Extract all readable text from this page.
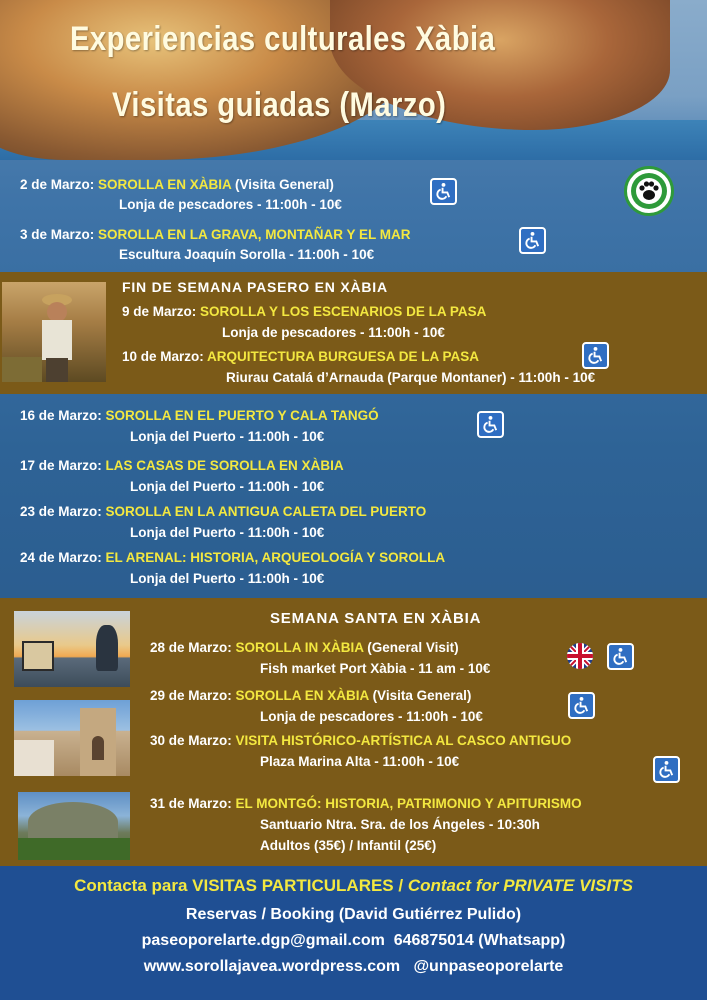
Experiencias culturales Xàbia
Visitas guiadas (Marzo)
2 de Marzo: SOROLLA EN XÀBIA (Visita General)
Lonja de pescadores - 11:00h - 10€
3 de Marzo: SOROLLA EN LA GRAVA, MONTAÑAR Y EL MAR
Escultura Joaquín Sorolla - 11:00h - 10€
FIN DE SEMANA PASERO EN XÀBIA
9 de Marzo: SOROLLA Y LOS ESCENARIOS DE LA PASA
Lonja de pescadores - 11:00h - 10€
10 de Marzo: ARQUITECTURA BURGUESA DE LA PASA
Riurau Catalá d’Arnauda (Parque Montaner) - 11:00h - 10€
16 de Marzo: SOROLLA EN EL PUERTO Y CALA TANGÓ
Lonja del Puerto - 11:00h - 10€
17 de Marzo: LAS CASAS DE SOROLLA EN XÀBIA
Lonja del Puerto - 11:00h - 10€
23 de Marzo: SOROLLA EN LA ANTIGUA CALETA DEL PUERTO
Lonja del Puerto - 11:00h - 10€
24 de Marzo: EL ARENAL: HISTORIA, ARQUEOLOGÍA Y SOROLLA
Lonja del Puerto - 11:00h - 10€
SEMANA SANTA EN XÀBIA
28 de Marzo: SOROLLA IN XÀBIA (General Visit)
Fish market Port Xàbia - 11 am - 10€
29 de Marzo: SOROLLA EN XÀBIA (Visita General)
Lonja de pescadores - 11:00h - 10€
30 de Marzo: VISITA HISTÓRICO-ARTÍSTICA AL CASCO ANTIGUO
Plaza Marina Alta - 11:00h - 10€
31 de Marzo: EL MONTGÓ: HISTORIA, PATRIMONIO Y APITURISMO
Santuario Ntra. Sra. de los Ángeles - 10:30h
Adultos (35€) / Infantil (25€)
Contacta para VISITAS PARTICULARES / Contact for PRIVATE VISITS
Reservas / Booking (David Gutiérrez Pulido)
paseoporelarte.dgp@gmail.com 646875014 (Whatsapp)
www.sorollajavea.wordpress.com @unpaseoporelarte
